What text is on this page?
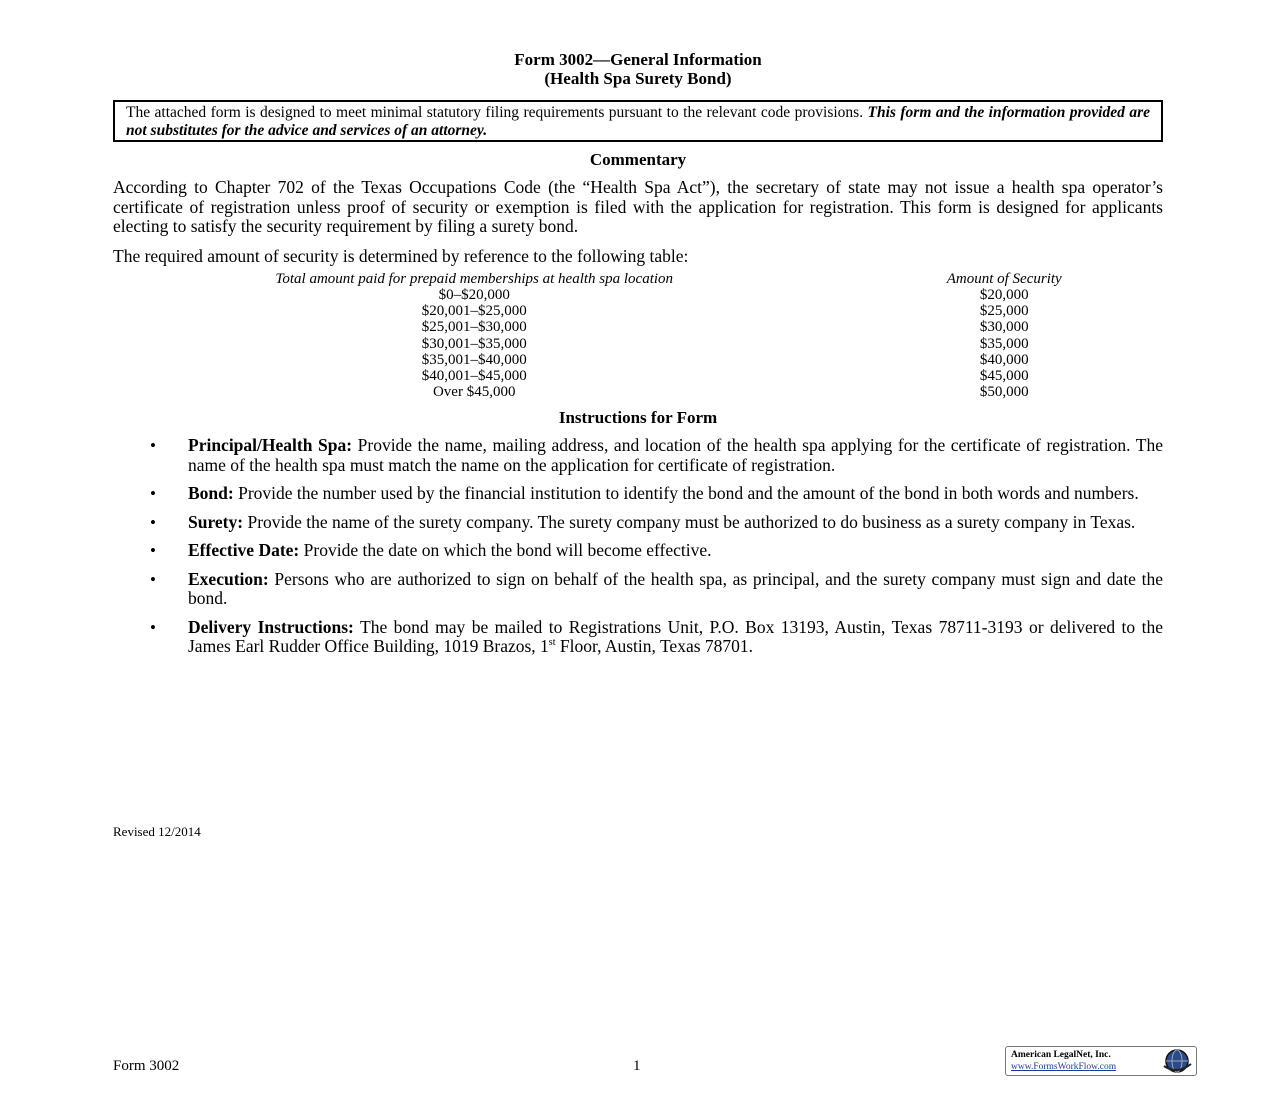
Form 3002—General Information
(Health Spa Surety Bond)
The attached form is designed to meet minimal statutory filing requirements pursuant to the relevant code provisions. This form and the information provided are not substitutes for the advice and services of an attorney.
Commentary
According to Chapter 702 of the Texas Occupations Code (the “Health Spa Act”), the secretary of state may not issue a health spa operator’s certificate of registration unless proof of security or exemption is filed with the application for registration. This form is designed for applicants electing to satisfy the security requirement by filing a surety bond.
The required amount of security is determined by reference to the following table:
Total amount paid for prepaid memberships at health spa location	Amount of Security
$0–$20,000	$20,000
$20,001–$25,000	$25,000
$25,001–$30,000	$30,000
$30,001–$35,000	$35,000
$35,001–$40,000	$40,000
$40,001–$45,000	$45,000
Over $45,000	$50,000
Instructions for Form
• Principal/Health Spa: Provide the name, mailing address, and location of the health spa applying for the certificate of registration. The name of the health spa must match the name on the application for certificate of registration.
• Bond: Provide the number used by the financial institution to identify the bond and the amount of the bond in both words and numbers.
• Surety: Provide the name of the surety company. The surety company must be authorized to do business as a surety company in Texas.
• Effective Date: Provide the date on which the bond will become effective.
• Execution: Persons who are authorized to sign on behalf of the health spa, as principal, and the surety company must sign and date the bond.
• Delivery Instructions: The bond may be mailed to Registrations Unit, P.O. Box 13193, Austin, Texas 78711-3193 or delivered to the James Earl Rudder Office Building, 1019 Brazos, 1st Floor, Austin, Texas 78701.
Revised 12/2014
Form 3002	1
American LegalNet, Inc.
www.FormsWorkFlow.com
